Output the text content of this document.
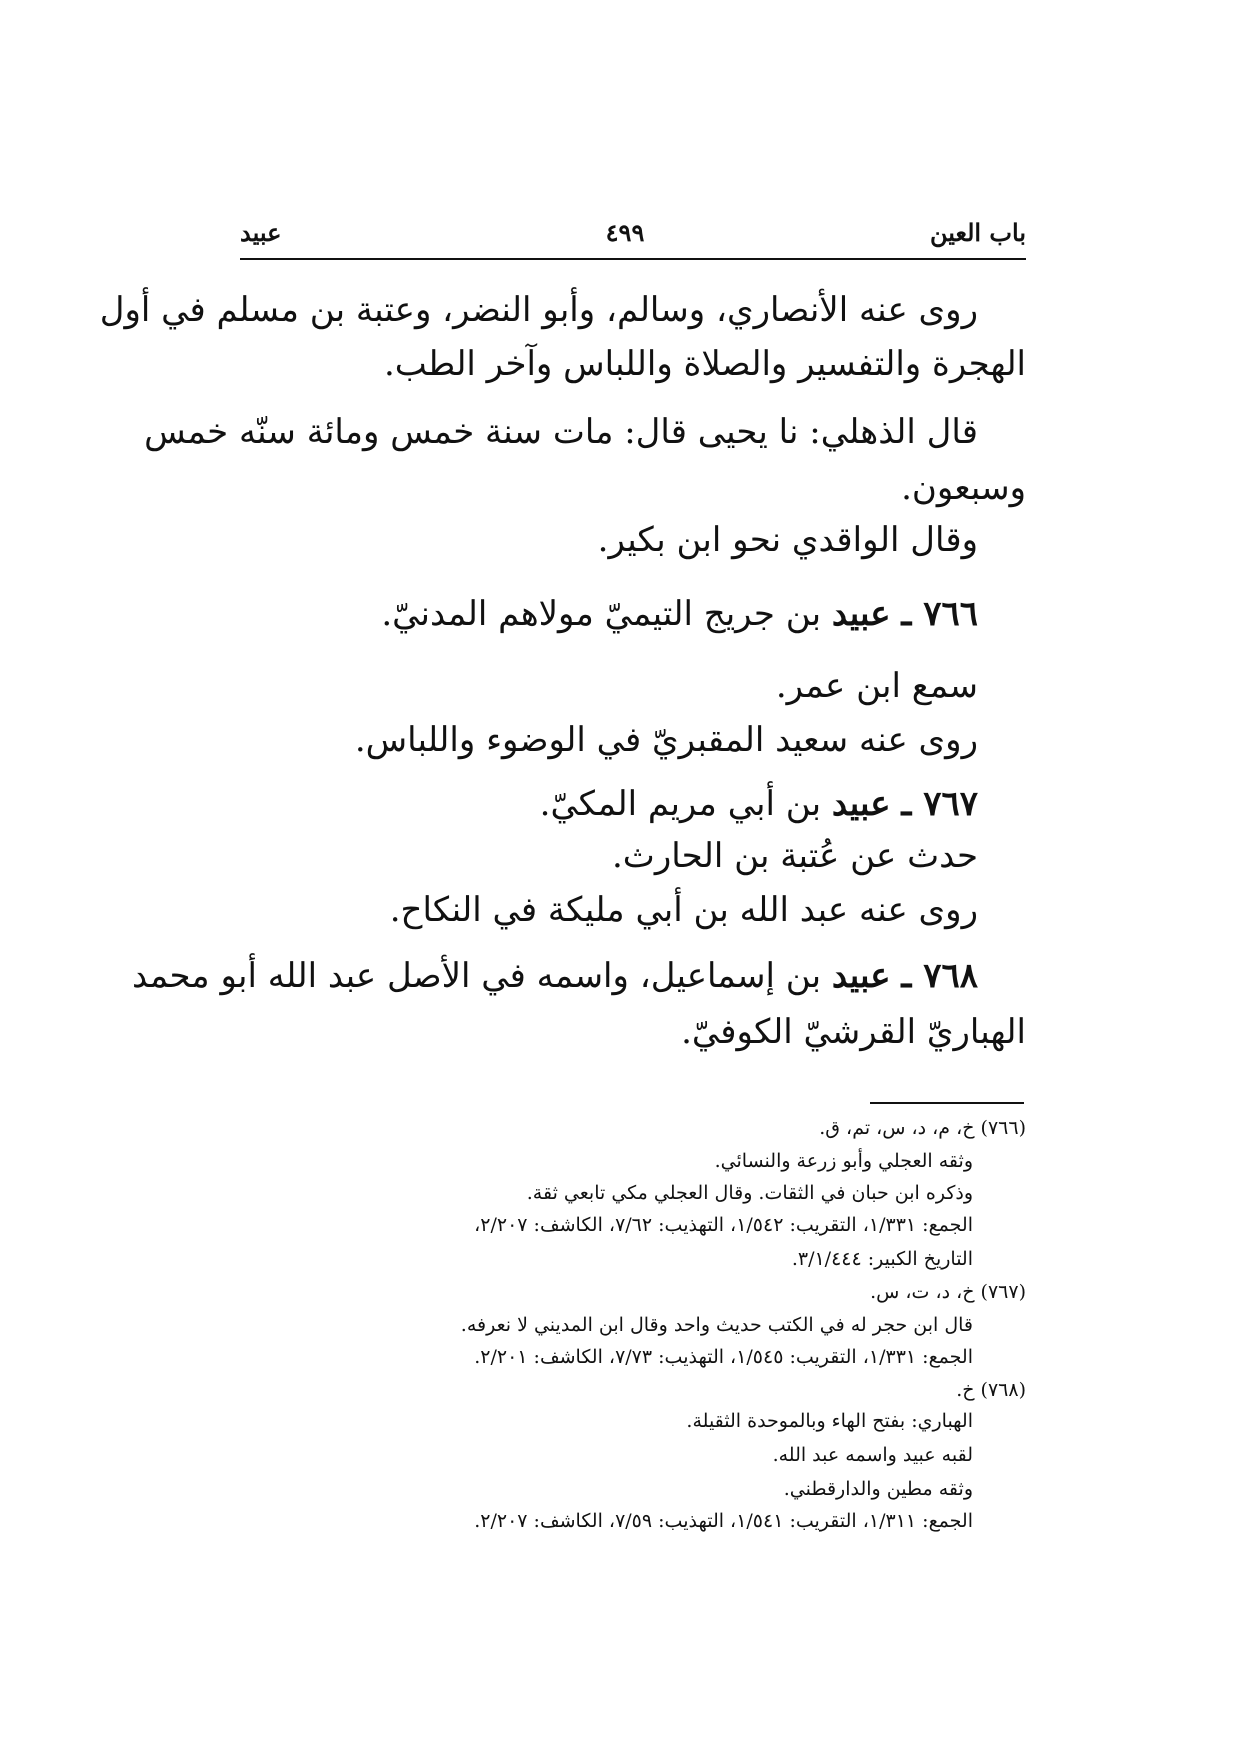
باب العين
٤٩٩
عبيد
روى عنه الأنصاري، وسالم، وأبو النضر، وعتبة بن مسلم في أول
الهجرة والتفسير والصلاة واللباس وآخر الطب.
قال الذهلي: نا يحيى قال: مات سنة خمس ومائة سنّه خمس
وسبعون.
وقال الواقدي نحو ابن بكير.
٧٦٦ ـ عبيد بن جريج التيميّ مولاهم المدنيّ.
سمع ابن عمر.
روى عنه سعيد المقبريّ في الوضوء واللباس.
٧٦٧ ـ عبيد بن أبي مريم المكيّ.
حدث عن عُتبة بن الحارث.
روى عنه عبد الله بن أبي مليكة في النكاح.
٧٦٨ ـ عبيد بن إسماعيل، واسمه في الأصل عبد الله أبو محمد
الهباريّ القرشيّ الكوفيّ.
(٧٦٦) خ، م، د، س، تم، ق.
وثقه العجلي وأبو زرعة والنسائي.
وذكره ابن حبان في الثقات. وقال العجلي مكي تابعي ثقة.
الجمع: ١/٣٣١، التقريب: ١/٥٤٢، التهذيب: ٧/٦٢، الكاشف: ٢/٢٠٧،
التاريخ الكبير: ٣/١/٤٤٤.
(٧٦٧) خ، د، ت، س.
قال ابن حجر له في الكتب حديث واحد وقال ابن المديني لا نعرفه.
الجمع: ١/٣٣١، التقريب: ١/٥٤٥، التهذيب: ٧/٧٣، الكاشف: ٢/٢٠١.
(٧٦٨) خ.
الهباري: بفتح الهاء وبالموحدة الثقيلة.
لقبه عبيد واسمه عبد الله.
وثقه مطين والدارقطني.
الجمع: ١/٣١١، التقريب: ١/٥٤١، التهذيب: ٧/٥٩، الكاشف: ٢/٢٠٧.
